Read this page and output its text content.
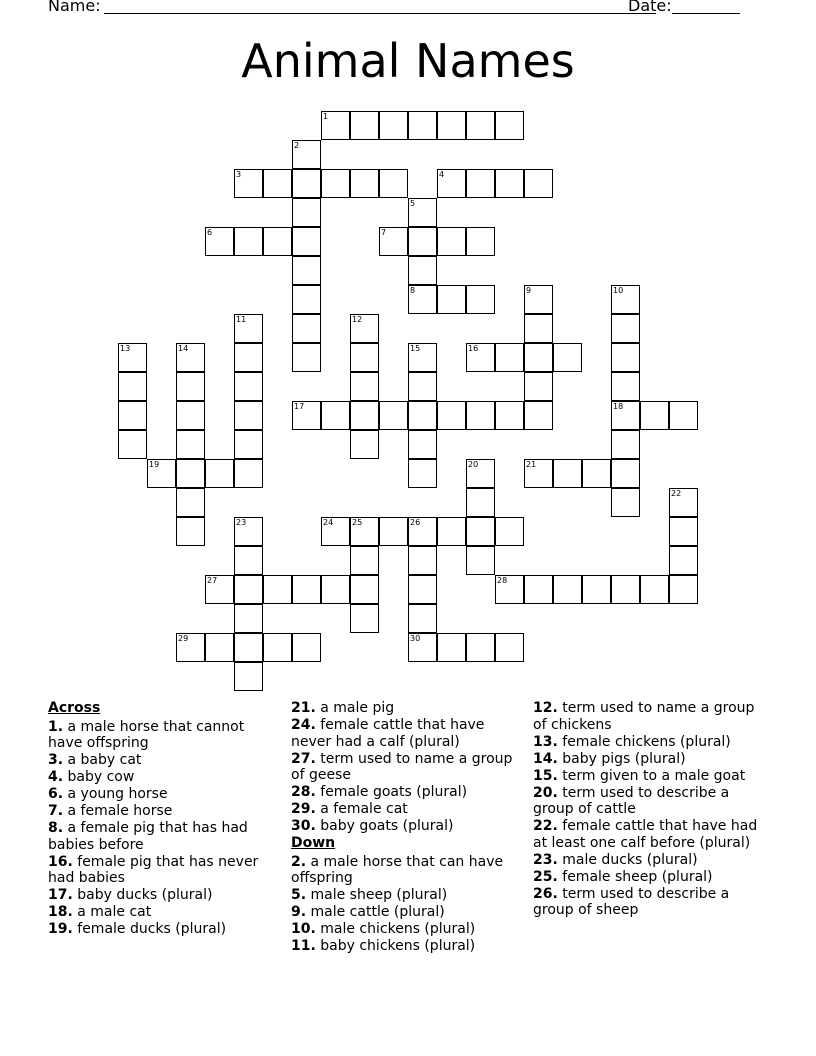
Name:	Date:
Animal Names
1
2
3	4
5
8
6	7
9	10
18
11	12
13	14	15	16
17
19	20	21
22
23	24 25	26
30
27	28
29
Across
1. a male horse that cannot have offspring
3. a baby cat
4. baby cow
6. a young horse
7. a female horse
8. a female pig that has had babies before
16. female pig that has never had babies
17. baby ducks (plural)
18. a male cat
19. female ducks (plural)
21. a male pig
24. female cattle that have never had a calf (plural)
27. term used to name a group of geese
28. female goats (plural)
29. a female cat
30. baby goats (plural)
Down
2. a male horse that can have offspring
5. male sheep (plural)
9. male cattle (plural)
10. male chickens (plural)
11. baby chickens (plural)
12. term used to name a group of chickens
13. female chickens (plural)
14. baby pigs (plural)
15. term given to a male goat
20. term used to describe a group of cattle
22. female cattle that have had at least one calf before (plural)
23. male ducks (plural)
25. female sheep (plural)
26. term used to describe a group of sheep
